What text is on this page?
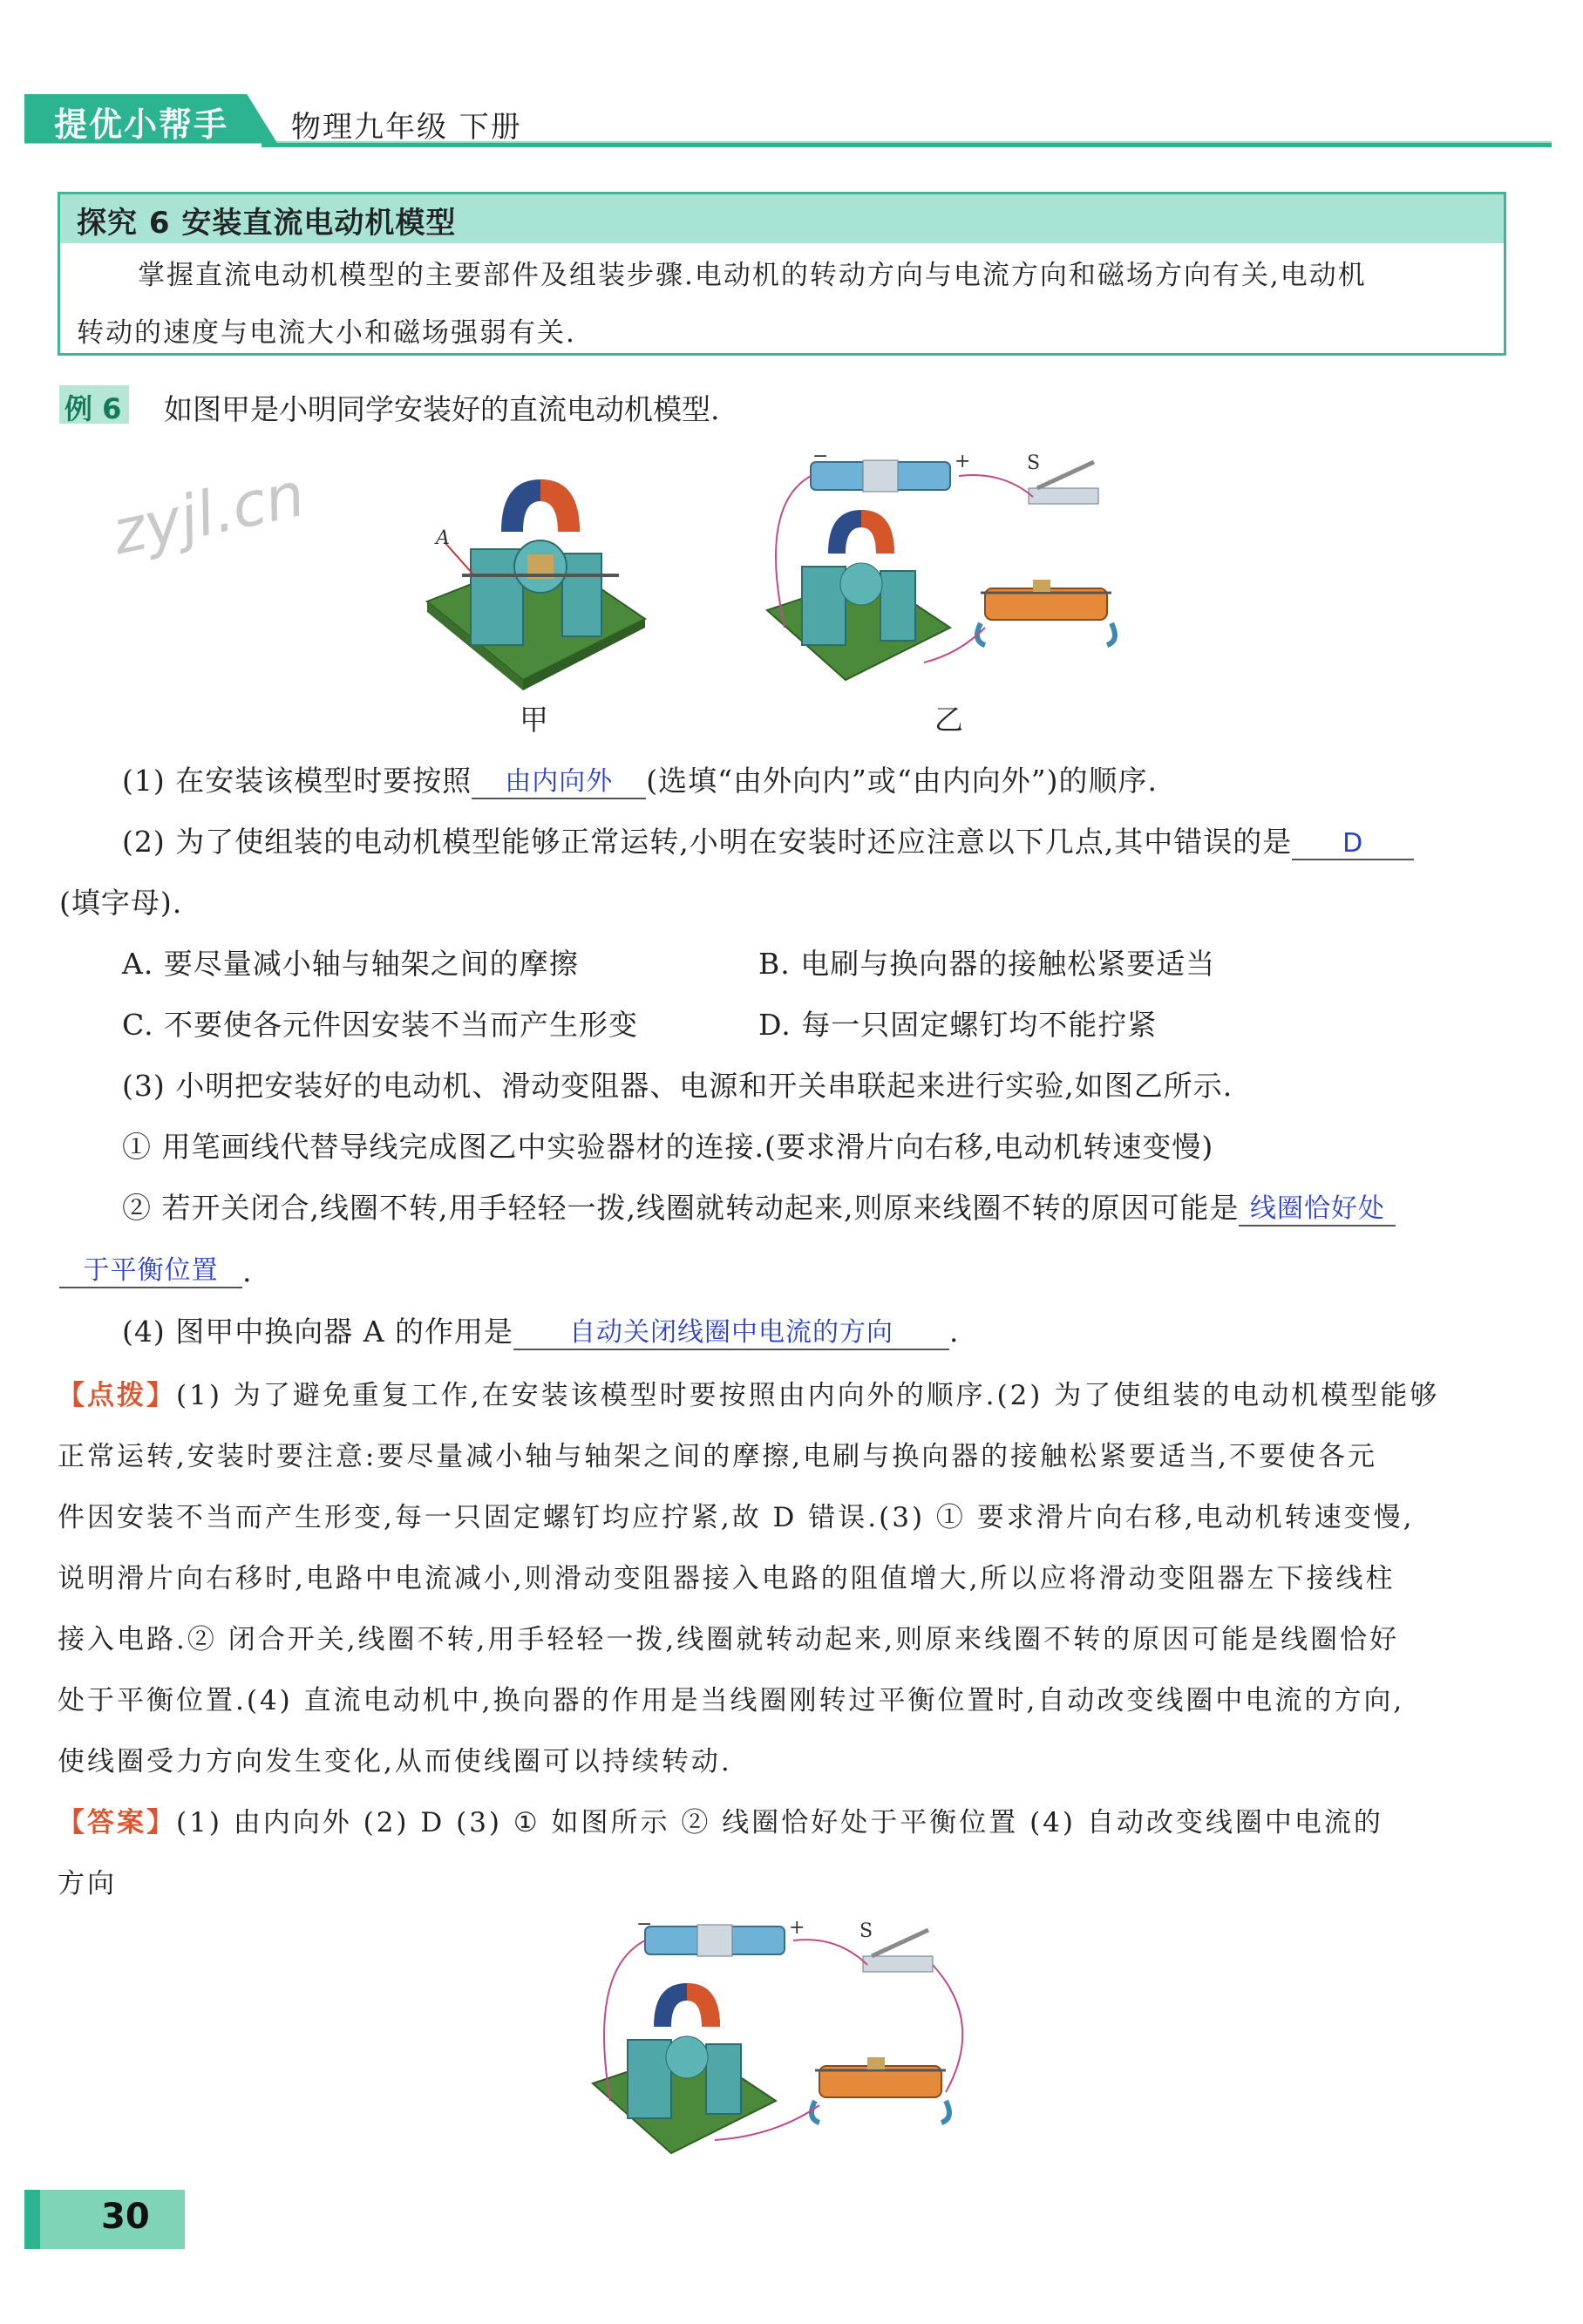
提优小帮手 物理九年级 下册
探究 6 安装直流电动机模型
掌握直流电动机模型的主要部件及组装步骤.电动机的转动方向与电流方向和磁场方向有关,电动机
转动的速度与电流大小和磁场强弱有关.
例 6 如图甲是小明同学安装好的直流电动机模型.
zyjl.cn	A
甲
−	+	S
乙
(1) 在安装该模型时要按照 由内向外 (选填“由外向内”或“由内向外”)的顺序.
(2) 为了使组装的电动机模型能够正常运转,小明在安装时还应注意以下几点,其中错误的是 D
(填字母).
A. 要尽量减小轴与轴架之间的摩擦	B. 电刷与换向器的接触松紧要适当
C. 不要使各元件因安装不当而产生形变	D. 每一只固定螺钉均不能拧紧
(3) 小明把安装好的电动机、滑动变阻器、电源和开关串联起来进行实验,如图乙所示.
① 用笔画线代替导线完成图乙中实验器材的连接.(要求滑片向右移,电动机转速变慢)
② 若开关闭合,线圈不转,用手轻轻一拨,线圈就转动起来,则原来线圈不转的原因可能是 线圈恰好处
于平衡位置 .
(4) 图甲中换向器 A 的作用是 自动关闭线圈中电流的方向 .
【点拨】(1) 为了避免重复工作,在安装该模型时要按照由内向外的顺序.(2) 为了使组装的电动机模型能够
正常运转,安装时要注意:要尽量减小轴与轴架之间的摩擦,电刷与换向器的接触松紧要适当,不要使各元
件因安装不当而产生形变,每一只固定螺钉均应拧紧,故 D 错误.(3) ① 要求滑片向右移,电动机转速变慢,
说明滑片向右移时,电路中电流减小,则滑动变阻器接入电路的阻值增大,所以应将滑动变阻器左下接线柱
接入电路.② 闭合开关,线圈不转,用手轻轻一拨,线圈就转动起来,则原来线圈不转的原因可能是线圈恰好
处于平衡位置.(4) 直流电动机中,换向器的作用是当线圈刚转过平衡位置时,自动改变线圈中电流的方向,
使线圈受力方向发生变化,从而使线圈可以持续转动.
【答案】(1) 由内向外 (2) D (3) ① 如图所示 ② 线圈恰好处于平衡位置 (4) 自动改变线圈中电流的
方向
−	+	S
30
